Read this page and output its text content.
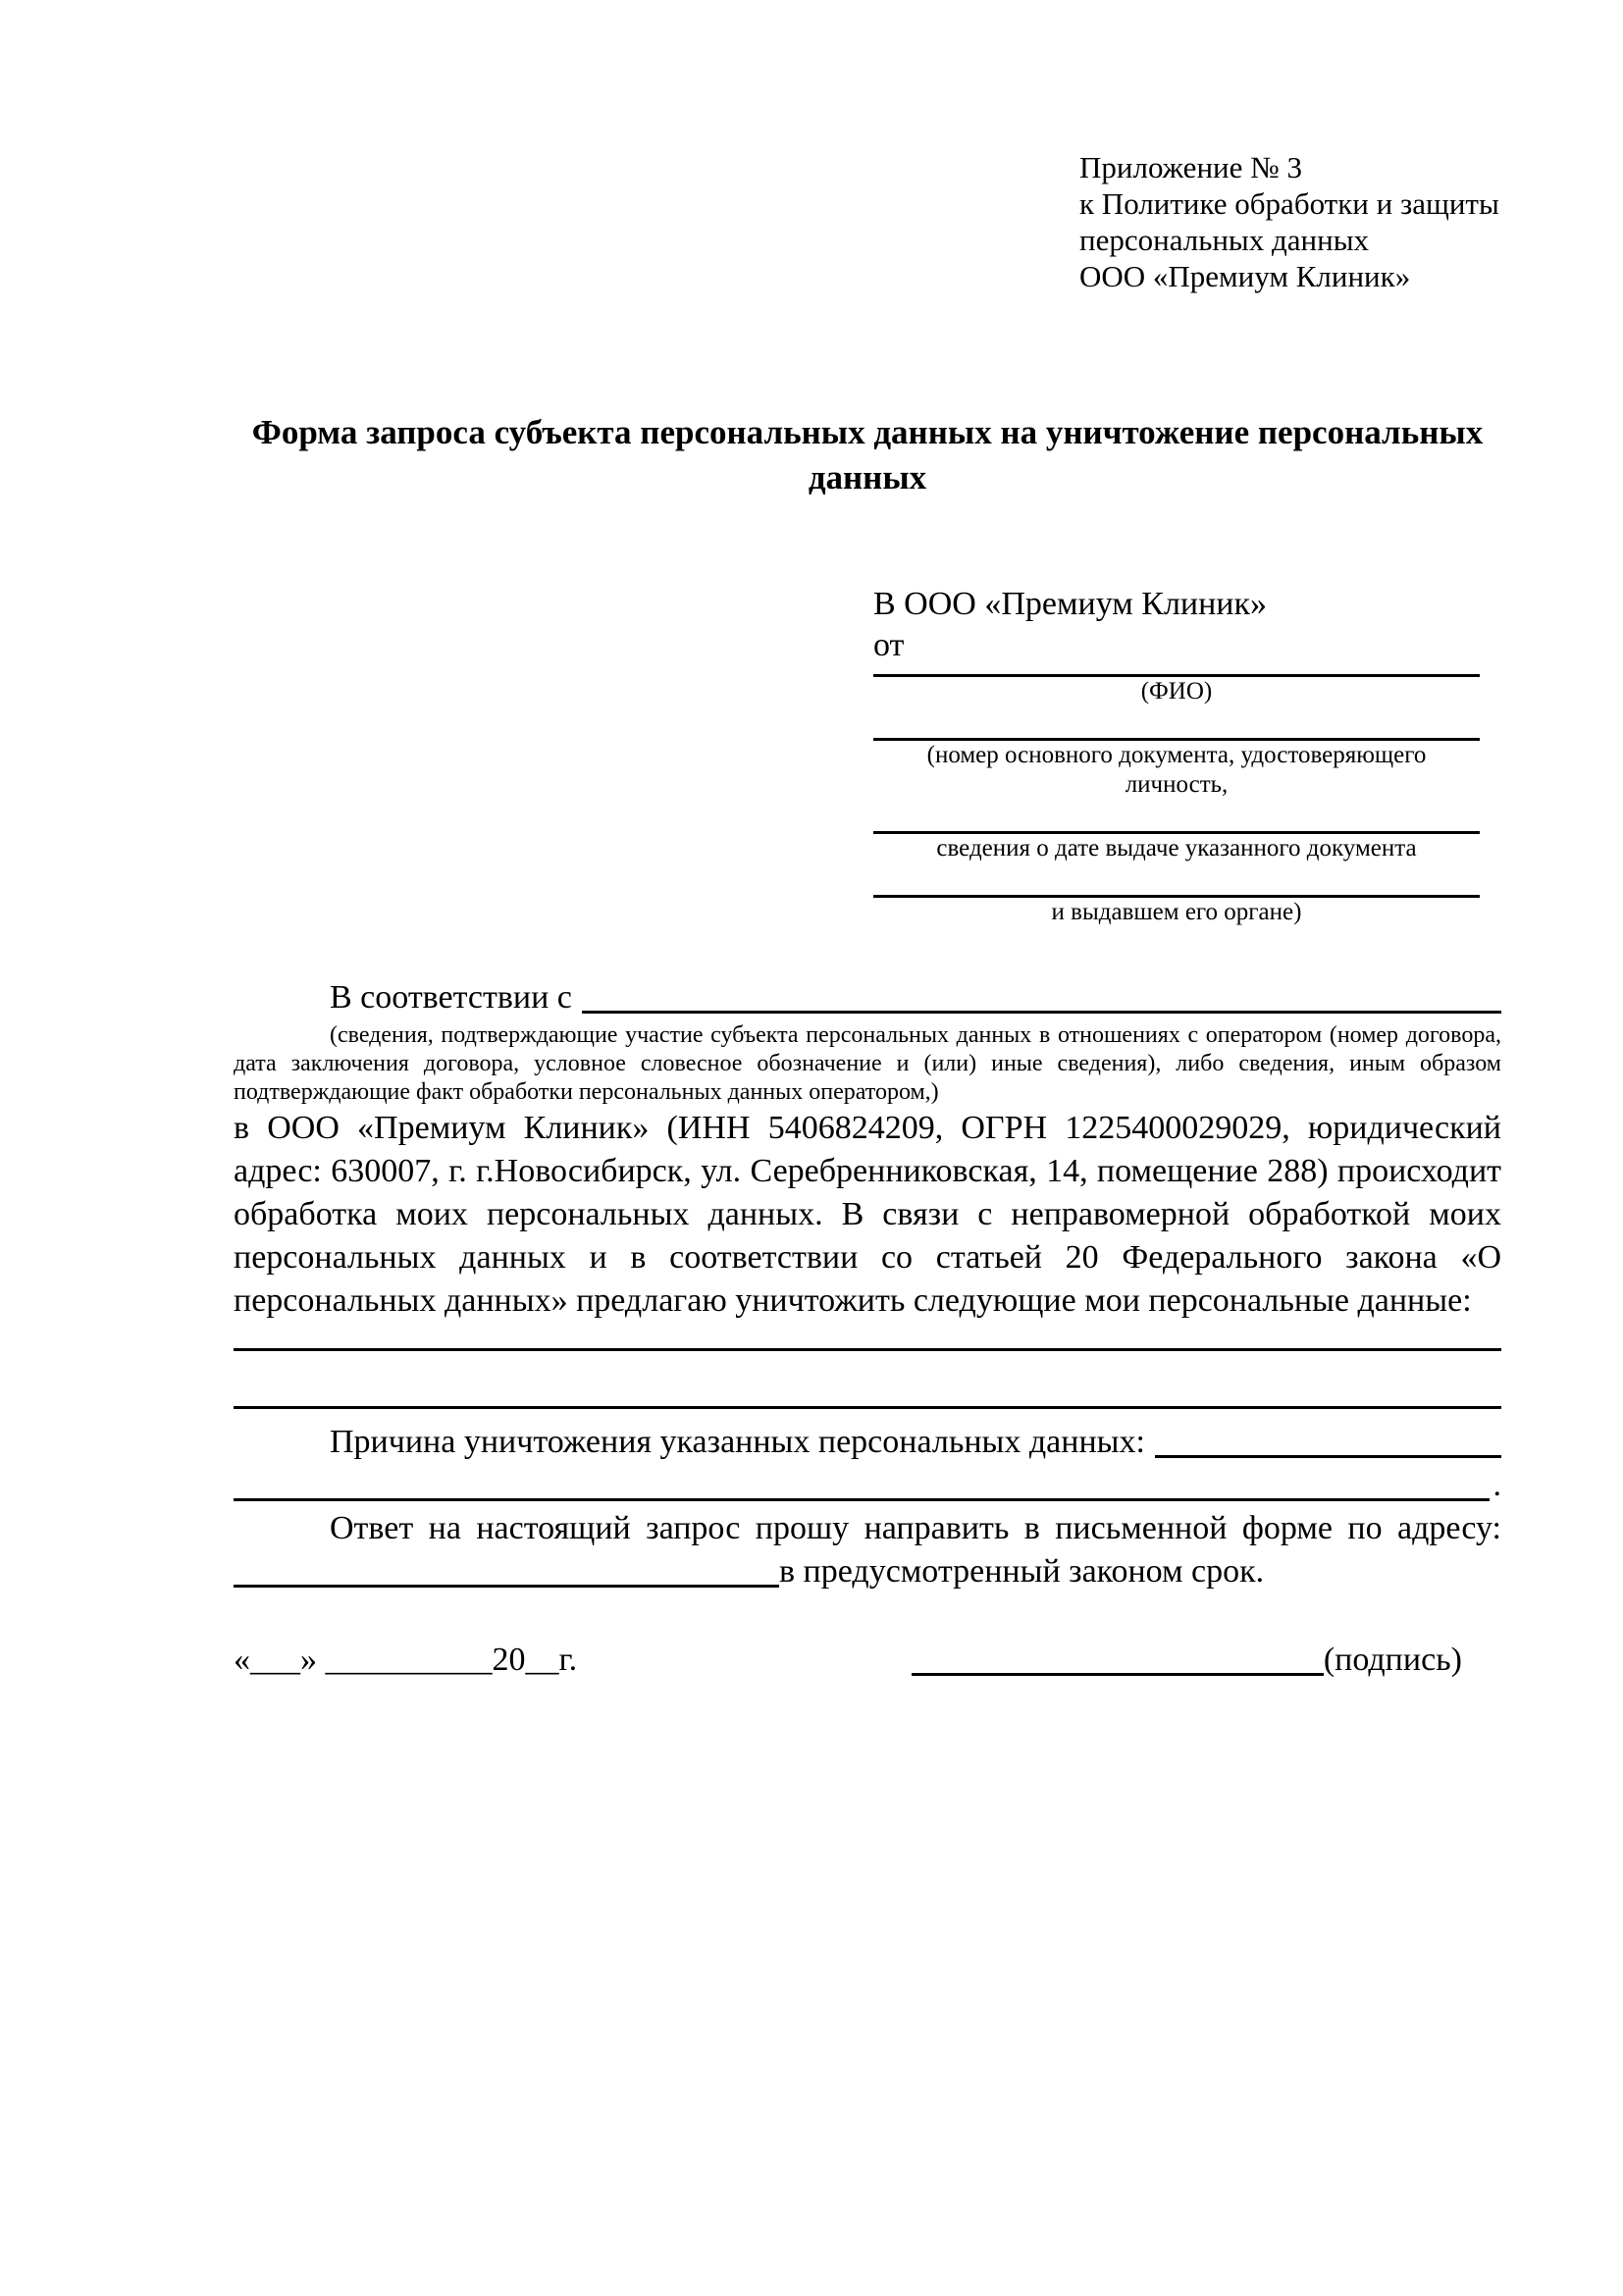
Приложение № 3
к Политике обработки и защиты
персональных данных
ООО «Премиум Клиник»
Форма запроса субъекта персональных данных на уничтожение персональных данных
В ООО «Премиум Клиник»
от
(ФИО)
(номер основного документа, удостоверяющего личность,
сведения о дате выдаче указанного документа
и выдавшем его органе)
В соответствии с

(сведения, подтверждающие участие субъекта персональных данных в отношениях с оператором (номер договора, дата заключения договора, условное словесное обозначение и (или) иные сведения), либо сведения, иным образом подтверждающие факт обработки персональных данных оператором,)

в ООО «Премиум Клиник» (ИНН 5406824209, ОГРН 1225400029029, юридический адрес: 630007, г. г.Новосибирск, ул. Серебренниковская, 14, помещение 288) происходит обработка моих персональных данных. В связи с неправомерной обработкой моих персональных данных и в соответствии со статьей 20 Федерального закона «О персональных данных» предлагаю уничтожить следующие мои персональные данные:

Причина уничтожения указанных персональных данных:
.

Ответ на настоящий запрос прошу направить в письменной форме по адресу:

в предусмотренный законом срок.
«___» __________20__г.	(подпись)
